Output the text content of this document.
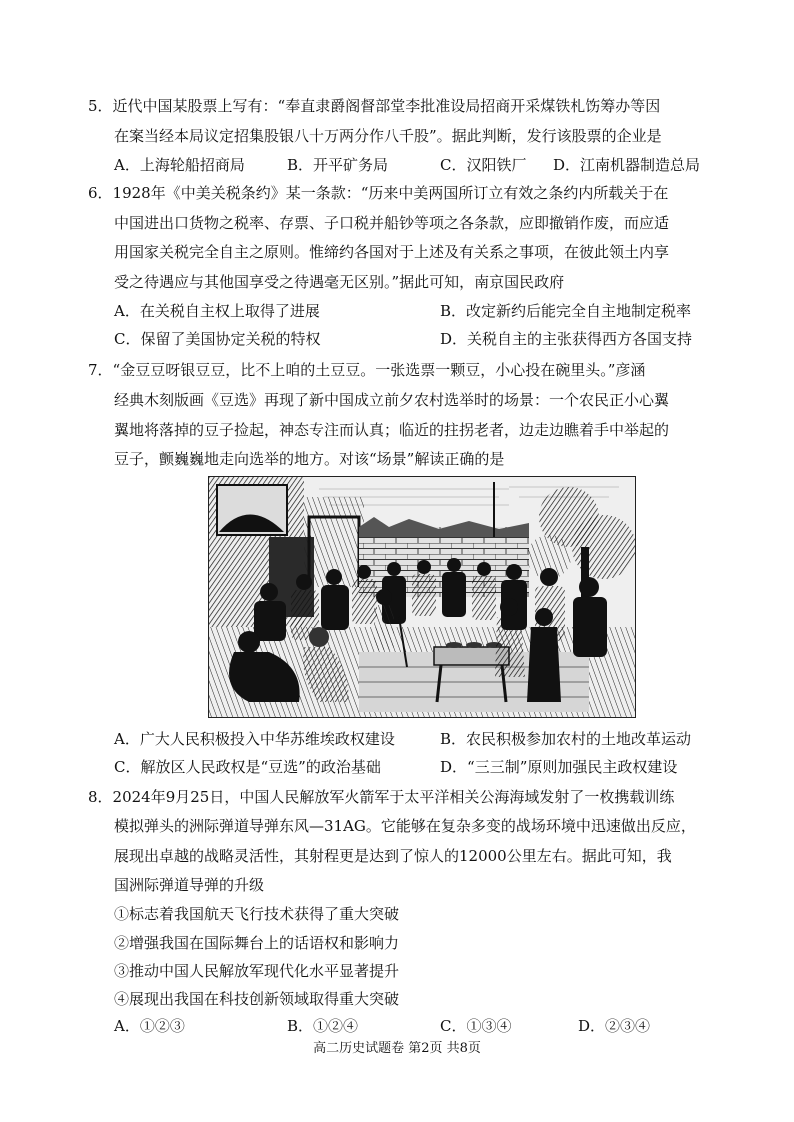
5．近代中国某股票上写有：“奉直隶爵阁督部堂李批准设局招商开采煤铁札饬筹办等因
在案当经本局议定招集股银八十万两分作八千股”。据此判断，发行该股票的企业是
A．上海轮船招商局	B．开平矿务局	C．汉阳铁厂 D．江南机器制造总局
6．1928年《中美关税条约》某一条款：“历来中美两国所订立有效之条约内所载关于在
中国进出口货物之税率、存票、子口税并船钞等项之各条款，应即撤销作废，而应适
用国家关税完全自主之原则。惟缔约各国对于上述及有关系之事项，在彼此领土内享
受之待遇应与其他国享受之待遇毫无区别。”据此可知，南京国民政府
A．在关税自主权上取得了进展	B．改定新约后能完全自主地制定税率
C．保留了美国协定关税的特权	D．关税自主的主张获得西方各国支持
7．“金豆豆呀银豆豆，比不上咱的土豆豆。一张选票一颗豆，小心投在碗里头。”彦涵
经典木刻版画《豆选》再现了新中国成立前夕农村选举时的场景：一个农民正小心翼
翼地将落掉的豆子捡起，神态专注而认真；临近的拄拐老者，边走边瞧着手中举起的
豆子，颤巍巍地走向选举的地方。对该“场景”解读正确的是
A．广大人民积极投入中华苏维埃政权建设	B．农民积极参加农村的土地改革运动
C．解放区人民政权是“豆选”的政治基础	D．“三三制”原则加强民主政权建设
8．2024年9月25日，中国人民解放军火箭军于太平洋相关公海海域发射了一枚携载训练
模拟弹头的洲际弹道导弹东风—31AG。它能够在复杂多变的战场环境中迅速做出反应，
展现出卓越的战略灵活性，其射程更是达到了惊人的12000公里左右。据此可知，我
国洲际弹道导弹的升级
①标志着我国航天飞行技术获得了重大突破
②增强我国在国际舞台上的话语权和影响力
③推动中国人民解放军现代化水平显著提升
④展现出我国在科技创新领域取得重大突破
A．①②③	B．①②④	C．①③④	D．②③④
高二历史试题卷 第2页 共8页
